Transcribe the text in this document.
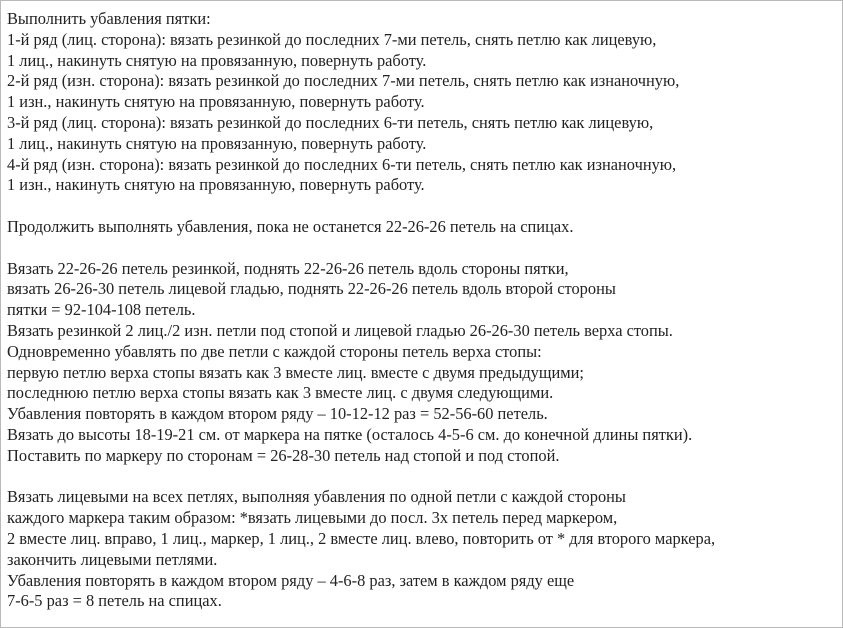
Выполнить убавления пятки:
1-й ряд (лиц. сторона): вязать резинкой до последних 7-ми петель, снять петлю как лицевую,
1 лиц., накинуть снятую на провязанную, повернуть работу.
2-й ряд (изн. сторона): вязать резинкой до последних 7-ми петель, снять петлю как изнаночную,
1 изн., накинуть снятую на провязанную, повернуть работу.
3-й ряд (лиц. сторона): вязать резинкой до последних 6-ти петель, снять петлю как лицевую,
1 лиц., накинуть снятую на провязанную, повернуть работу.
4-й ряд (изн. сторона): вязать резинкой до последних 6-ти петель, снять петлю как изнаночную,
1 изн., накинуть снятую на провязанную, повернуть работу.
Продолжить выполнять убавления, пока не останется 22-26-26 петель на спицах.
Вязать 22-26-26 петель резинкой, поднять 22-26-26 петель вдоль стороны пятки,
вязать 26-26-30 петель лицевой гладью, поднять 22-26-26 петель вдоль второй стороны
пятки = 92-104-108 петель.
Вязать резинкой 2 лиц./2 изн. петли под стопой и лицевой гладью 26-26-30 петель верха стопы.
Одновременно убавлять по две петли с каждой стороны петель верха стопы:
первую петлю верха стопы вязать как 3 вместе лиц. вместе с двумя предыдущими;
последнюю петлю верха стопы вязать как 3 вместе лиц. с двумя следующими.
Убавления повторять в каждом втором ряду – 10-12-12 раз = 52-56-60 петель.
Вязать до высоты 18-19-21 см. от маркера на пятке (осталось 4-5-6 см. до конечной длины пятки).
Поставить по маркеру по сторонам = 26-28-30 петель над стопой и под стопой.
Вязать лицевыми на всех петлях, выполняя убавления по одной петли с каждой стороны
каждого маркера таким образом: *вязать лицевыми до посл. 3х петель перед маркером,
2 вместе лиц. вправо, 1 лиц., маркер, 1 лиц., 2 вместе лиц. влево, повторить от * для второго маркера,
закончить лицевыми петлями.
Убавления повторять в каждом втором ряду – 4-6-8 раз, затем в каждом ряду еще
7-6-5 раз = 8 петель на спицах.
